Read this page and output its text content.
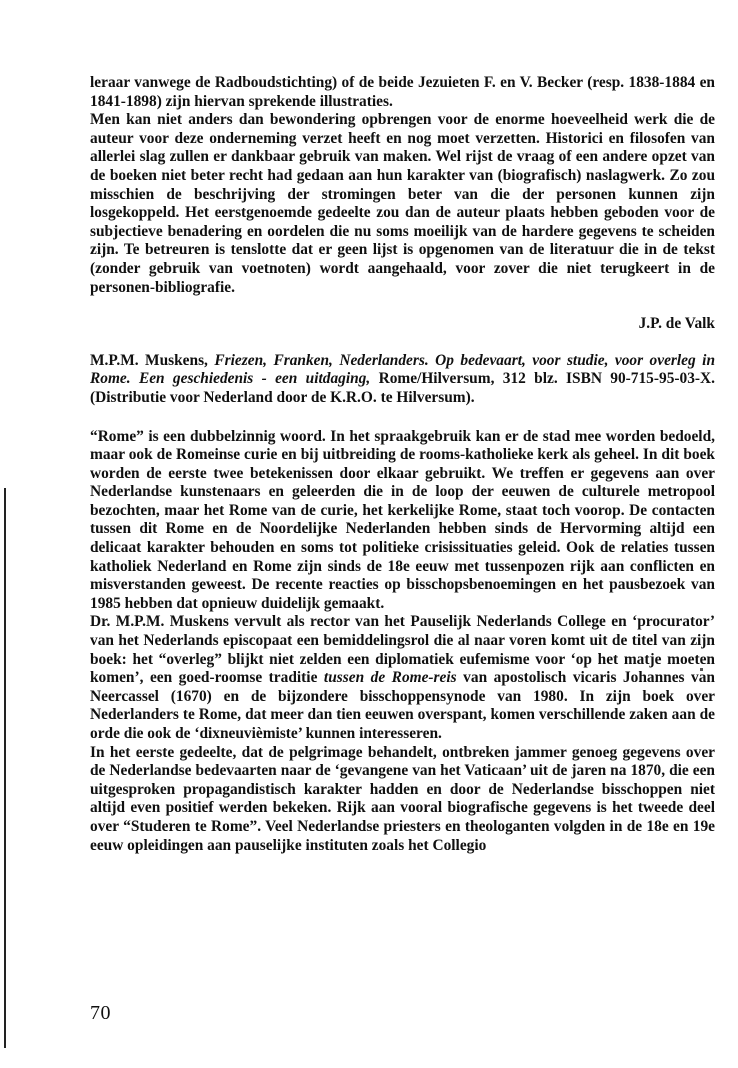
leraar vanwege de Radboudstichting) of de beide Jezuieten F. en V. Becker (resp. 1838-1884 en 1841-1898) zijn hiervan sprekende illustraties.

Men kan niet anders dan bewondering opbrengen voor de enorme hoeveelheid werk die de auteur voor deze onderneming verzet heeft en nog moet verzetten. Historici en filosofen van allerlei slag zullen er dankbaar gebruik van maken. Wel rijst de vraag of een andere opzet van de boeken niet beter recht had gedaan aan hun karakter van (biografisch) naslagwerk. Zo zou misschien de beschrijving der stromingen beter van die der personen kunnen zijn losgekoppeld. Het eerstgenoemde gedeelte zou dan de auteur plaats hebben geboden voor de subjectieve benadering en oordelen die nu soms moeilijk van de hardere gegevens te scheiden zijn. Te betreuren is tenslotte dat er geen lijst is opgenomen van de literatuur die in de tekst (zonder gebruik van voetnoten) wordt aangehaald, voor zover die niet terugkeert in de personen-bibliografie.

J.P. de Valk

M.P.M. Muskens, Friezen, Franken, Nederlanders. Op bedevaart, voor studie, voor overleg in Rome. Een geschiedenis - een uitdaging, Rome/Hilversum, 312 blz. ISBN 90-715-95-03-X. (Distributie voor Nederland door de K.R.O. te Hilversum).

“Rome” is een dubbelzinnig woord. In het spraakgebruik kan er de stad mee worden bedoeld, maar ook de Romeinse curie en bij uitbreiding de rooms-katholieke kerk als geheel. In dit boek worden de eerste twee betekenissen door elkaar gebruikt. We treffen er gegevens aan over Nederlandse kunstenaars en geleerden die in de loop der eeuwen de culturele metropool bezochten, maar het Rome van de curie, het kerkelijke Rome, staat toch voorop. De contacten tussen dit Rome en de Noordelijke Nederlanden hebben sinds de Hervorming altijd een delicaat karakter behouden en soms tot politieke crisissituaties geleid. Ook de relaties tussen katholiek Nederland en Rome zijn sinds de 18e eeuw met tussenpozen rijk aan conflicten en misverstanden geweest. De recente reacties op bisschopsbenoemingen en het pausbezoek van 1985 hebben dat opnieuw duidelijk gemaakt.

Dr. M.P.M. Muskens vervult als rector van het Pauselijk Nederlands College en ‘procurator’ van het Nederlands episcopaat een bemiddelingsrol die al naar voren komt uit de titel van zijn boek: het “overleg” blijkt niet zelden een diplomatiek eufemisme voor ‘op het matje moeten komen’, een goed-roomse traditie tussen de Rome-reis van apostolisch vicaris Johannes van Neercassel (1670) en de bijzondere bisschoppensynode van 1980. In zijn boek over Nederlanders te Rome, dat meer dan tien eeuwen overspant, komen verschillende zaken aan de orde die ook de ‘dixneuvièmiste’ kunnen interesseren.

In het eerste gedeelte, dat de pelgrimage behandelt, ontbreken jammer genoeg gegevens over de Nederlandse bedevaarten naar de ‘gevangene van het Vaticaan’ uit de jaren na 1870, die een uitgesproken propagandistisch karakter hadden en door de Nederlandse bisschoppen niet altijd even positief werden bekeken. Rijk aan vooral biografische gegevens is het tweede deel over “Studeren te Rome”. Veel Nederlandse priesters en theologanten volgden in de 18e en 19e eeuw opleidingen aan pauselijke instituten zoals het Collegio

70
